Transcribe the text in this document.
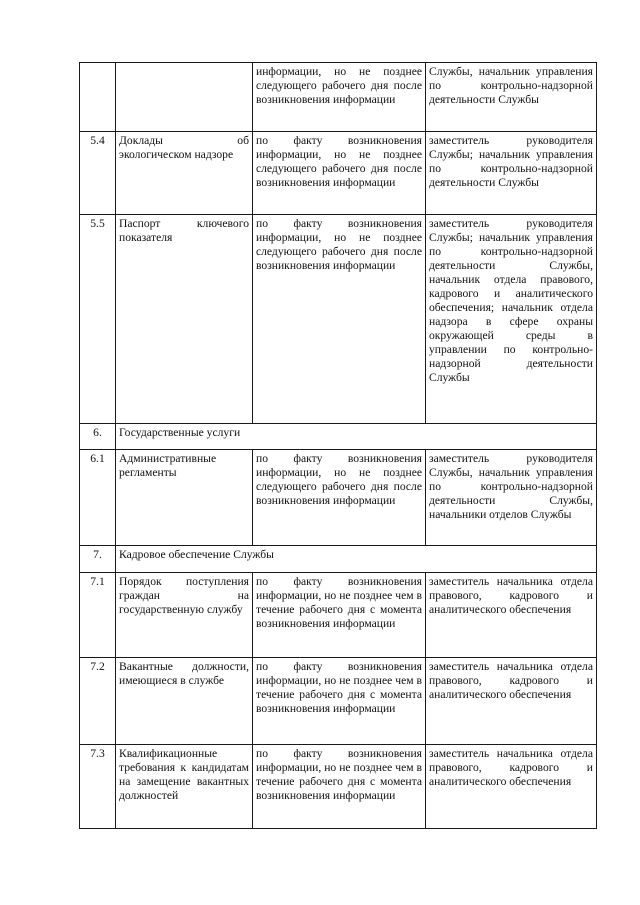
		информации, но не позднее следующего рабочего дня после возникновения информации	Службы, начальник управления по контрольно-надзорной деятельности Службы
5.4	Доклады об экологическом надзоре	по факту возникновения информации, но не позднее следующего рабочего дня после возникновения информации	заместитель руководителя Службы; начальник управления по контрольно-надзорной деятельности Службы
5.5	Паспорт ключевого показателя	по факту возникновения информации, но не позднее следующего рабочего дня после возникновения информации	заместитель руководителя Службы; начальник управления по контрольно-надзорной деятельности Службы, начальник отдела правового, кадрового и аналитического обеспечения; начальник отдела надзора в сфере охраны окружающей среды в управлении по контрольно-надзорной деятельности Службы
6.	Государственные услуги		
6.1	Административные регламенты	по факту возникновения информации, но не позднее следующего рабочего дня после возникновения информации	заместитель руководителя Службы, начальник управления по контрольно-надзорной деятельности Службы, начальники отделов Службы
7.	Кадровое обеспечение Службы		
7.1	Порядок поступления граждан на государственную службу	по факту возникновения информации, но не позднее чем в течение рабочего дня с момента возникновения информации	заместитель начальника отдела правового, кадрового и аналитического обеспечения
7.2	Вакантные должности, имеющиеся в службе	по факту возникновения информации, но не позднее чем в течение рабочего дня с момента возникновения информации	заместитель начальника отдела правового, кадрового и аналитического обеспечения
7.3	Квалификационные требования к кандидатам на замещение вакантных должностей	по факту возникновения информации, но не позднее чем в течение рабочего дня с момента возникновения информации	заместитель начальника отдела правового, кадрового и аналитического обеспечения
